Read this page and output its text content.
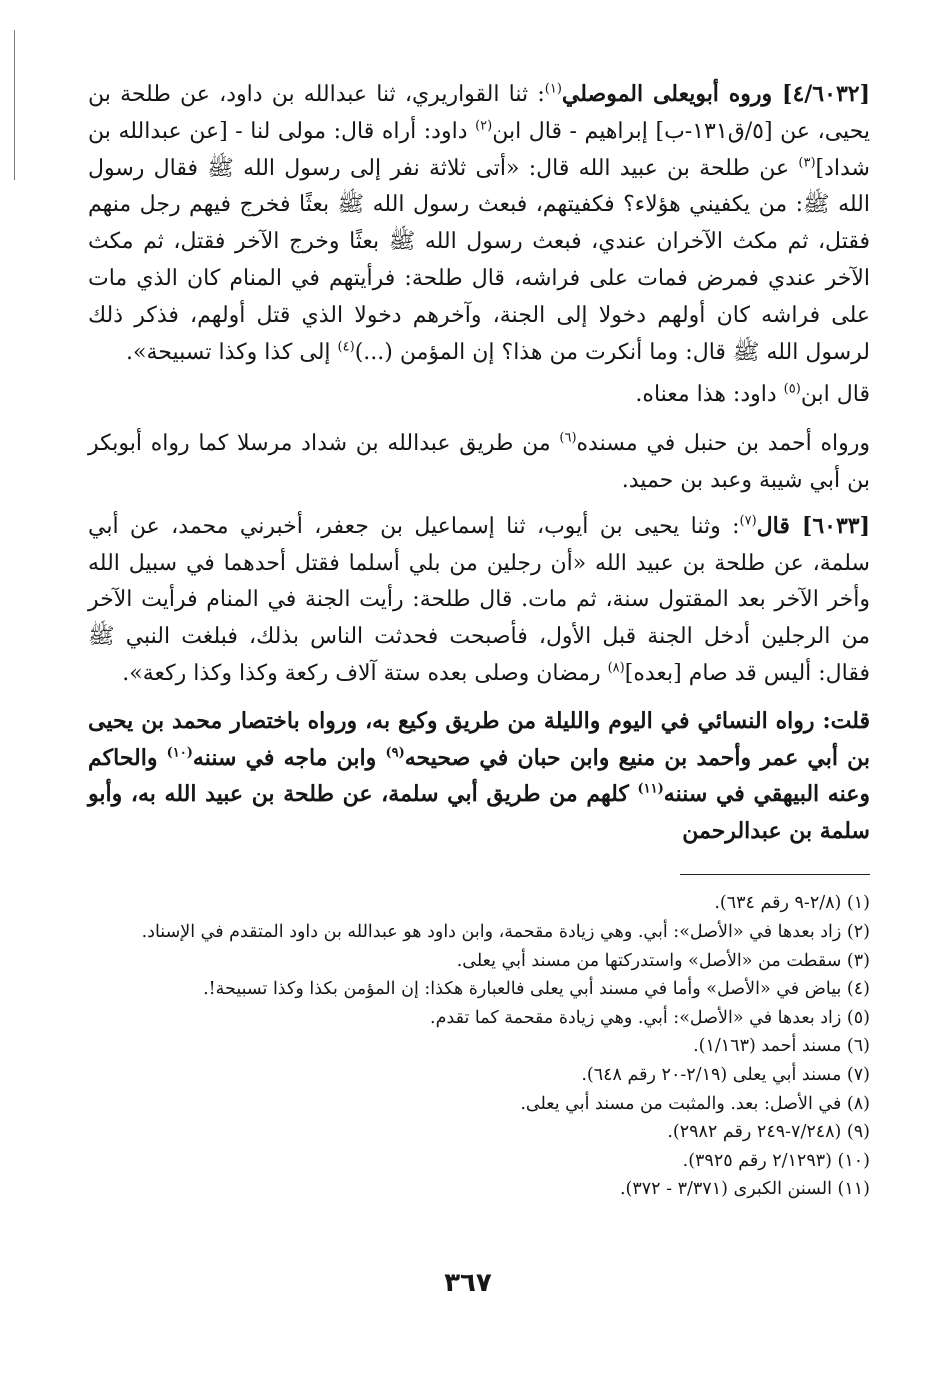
[٤/٦٠٣٢] وروه أبويعلى الموصلي$^{(١)}$: ثنا القواريري، ثنا عبدالله بن داود، عن طلحة بن يحيى، عن [٥/ق١٣١-ب] إبراهيم - قال ابن$^{(٢)}$ داود: أراه قال: مولى لنا - [عن عبدالله بن شداد]$^{(٣)}$ عن طلحة بن عبيد الله قال: «أتى ثلاثة نفر إلى رسول الله ﷺ فقال رسول الله ﷺ: من يكفيني هؤلاء؟ فكفيتهم، فبعث رسول الله ﷺ بعثًا فخرج فيهم رجل منهم فقتل، ثم مكث الآخران عندي، فبعث رسول الله ﷺ بعثًا وخرج الآخر فقتل، ثم مكث الآخر عندي فمرض فمات على فراشه، قال طلحة: فرأيتهم في المنام كان الذي مات على فراشه كان أولهم دخولا إلى الجنة، وآخرهم دخولا الذي قتل أولهم، فذكر ذلك لرسول الله ﷺ قال: وما أنكرت من هذا؟ إن المؤمن (...)$^{(٤)}$ إلى كذا وكذا تسبيحة».

قال ابن$^{(٥)}$ داود: هذا معناه.

ورواه أحمد بن حنبل في مسنده$^{(٦)}$ من طريق عبدالله بن شداد مرسلا كما رواه أبوبكر بن أبي شيبة وعبد بن حميد.

[٦٠٣٣] قال$^{(٧)}$: وثنا يحيى بن أيوب، ثنا إسماعيل بن جعفر، أخبرني محمد، عن أبي سلمة، عن طلحة بن عبيد الله «أن رجلين من بلي أسلما فقتل أحدهما في سبيل الله وأخر الآخر بعد المقتول سنة، ثم مات. قال طلحة: رأيت الجنة في المنام فرأيت الآخر من الرجلين أدخل الجنة قبل الأول، فأصبحت فحدثت الناس بذلك، فبلغت النبي ﷺ فقال: أليس قد صام [بعده]$^{(٨)}$ رمضان وصلى بعده ستة آلاف ركعة وكذا وكذا ركعة».

قلت: رواه النسائي في اليوم والليلة من طريق وكيع به، ورواه باختصار محمد بن يحيى بن أبي عمر وأحمد بن منيع وابن حبان في صحيحه$^{(٩)}$ وابن ماجه في سننه$^{(١٠)}$ والحاكم وعنه البيهقي في سننه$^{(١١)}$ كلهم من طريق أبي سلمة، عن طلحة بن عبيد الله به، وأبو سلمة بن عبدالرحمن

(١) (٢/٨-٩ رقم ٦٣٤).
(٢) زاد بعدها في «الأصل»: أبي. وهي زيادة مقحمة، وابن داود هو عبدالله بن داود المتقدم في الإسناد.
(٣) سقطت من «الأصل» واستدركتها من مسند أبي يعلى.
(٤) بياض في «الأصل» وأما في مسند أبي يعلى فالعبارة هكذا: إن المؤمن بكذا وكذا تسبيحة!.
(٥) زاد بعدها في «الأصل»: أبي. وهي زيادة مقحمة كما تقدم.
(٦) مسند أحمد (١/١٦٣).
(٧) مسند أبي يعلى (٢/١٩-٢٠ رقم ٦٤٨).
(٨) في الأصل: بعد. والمثبت من مسند أبي يعلى.
(٩) (٧/٢٤٨-٢٤٩ رقم ٢٩٨٢).
(١٠) (٢/١٢٩٣ رقم ٣٩٢٥).
(١١) السنن الكبرى (٣/٣٧١ - ٣٧٢).
٣٦٧
